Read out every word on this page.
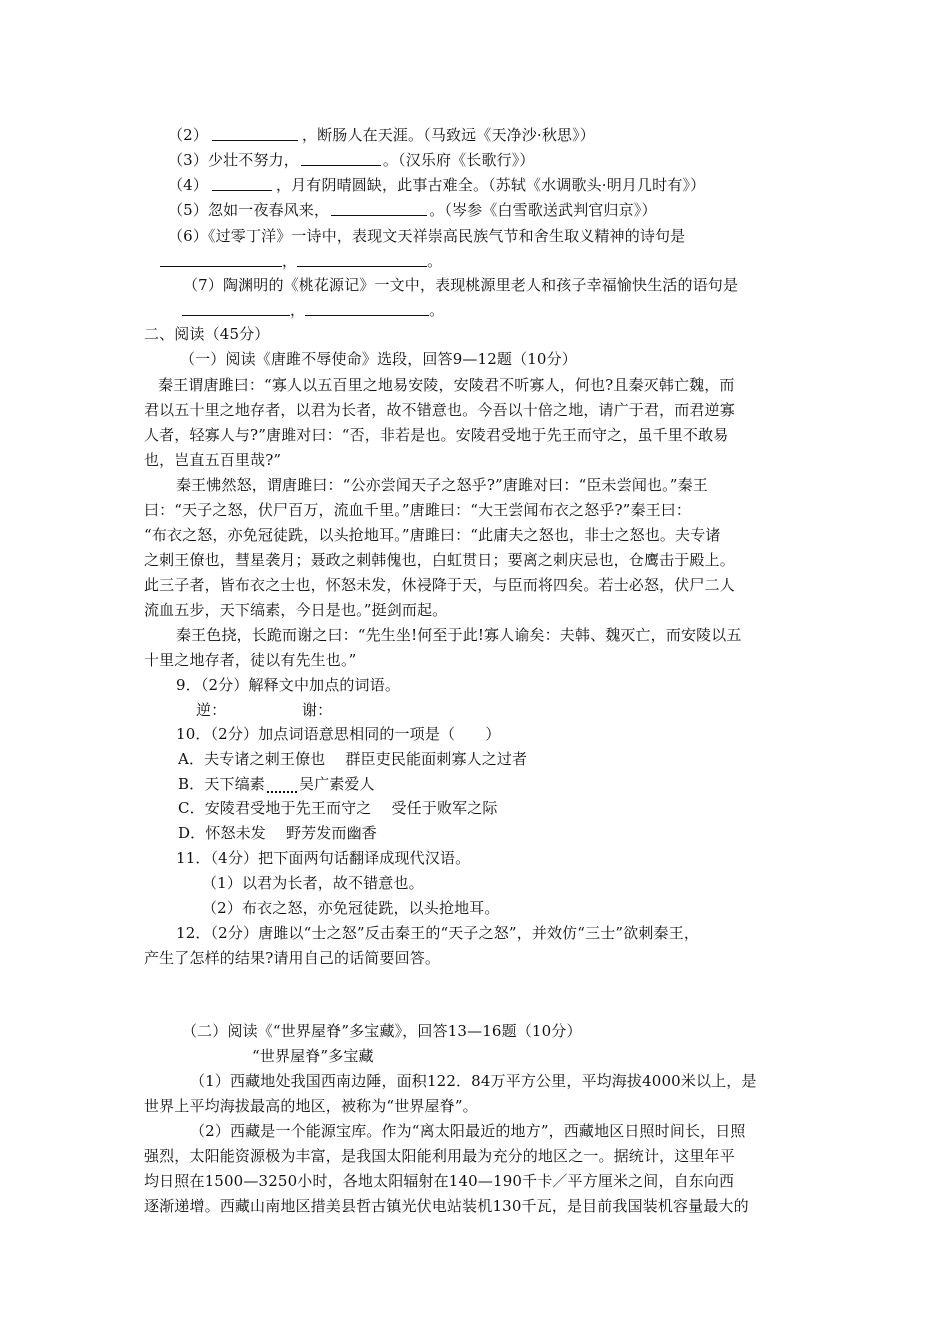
（2）	，断肠人在天涯。（马致远《天净沙·秋思》）
（3）少壮不努力，	。（汉乐府《长歌行》）
（4）	，月有阴晴圆缺，此事古难全。（苏轼《水调歌头·明月几时有》）
（5）忽如一夜春风来，	。（岑参《白雪歌送武判官归京》）
（6）《过零丁洋》一诗中，表现文天祥崇高民族气节和舍生取义精神的诗句是
，	。
（7）陶渊明的《桃花源记》一文中，表现桃源里老人和孩子幸福愉快生活的语句是
，	。
二、阅读（45分）
（一）阅读《唐雎不辱使命》选段，回答9—12题（10分）
秦王谓唐雎曰：“寡人以五百里之地易安陵，安陵君不听寡人，何也?且秦灭韩亡魏，而
君以五十里之地存者，以君为长者，故不错意也。今吾以十倍之地，请广于君，而君逆寡
人者，轻寡人与?”唐雎对曰：“否，非若是也。安陵君受地于先王而守之，虽千里不敢易
也，岂直五百里哉?”
秦王怫然怒，谓唐雎曰：“公亦尝闻天子之怒乎?”唐雎对曰：“臣未尝闻也。”秦王
曰：“天子之怒，伏尸百万，流血千里。”唐雎曰：“大王尝闻布衣之怒乎?”秦王曰：
“布衣之怒，亦免冠徒跣，以头抢地耳。”唐雎曰：“此庸夫之怒也，非士之怒也。夫专诸
之刺王僚也，彗星袭月；聂政之刺韩傀也，白虹贯日；要离之刺庆忌也，仓鹰击于殿上。
此三子者，皆布衣之士也，怀怒未发，休祲降于天，与臣而将四矣。若士必怒，伏尸二人
流血五步，天下缟素，今日是也。”挺剑而起。
秦王色挠，长跪而谢之曰：“先生坐!何至于此!寡人谕矣：夫韩、魏灭亡，而安陵以五
十里之地存者，徒以有先生也。”
9．（2分）解释文中加点的词语。
逆：	谢：
10．（2分）加点词语意思相同的一项是（　　）
A．夫专诸之刺王僚也　 群臣吏民能面刺寡人之过者
B．天下缟素 吴广素爱人
C．安陵君受地于先王而守之　 受任于败军之际
D．怀怒未发　 野芳发而幽香
11．（4分）把下面两句话翻译成现代汉语。
（1）以君为长者，故不错意也。
（2）布衣之怒，亦免冠徒跣，以头抢地耳。
12．（2分）唐雎以“士之怒”反击秦王的“天子之怒”，并效仿“三士”欲刺秦王，
产生了怎样的结果?请用自己的话简要回答。
（二）阅读《“世界屋脊”多宝藏》，回答13—16题（10分）
“世界屋脊”多宝藏
（1）西藏地处我国西南边陲，面积122．84万平方公里，平均海拔4000米以上，是
世界上平均海拔最高的地区，被称为“世界屋脊”。
（2）西藏是一个能源宝库。作为“离太阳最近的地方”，西藏地区日照时间长，日照
强烈，太阳能资源极为丰富，是我国太阳能利用最为充分的地区之一。据统计，这里年平
均日照在1500—3250小时，各地太阳辐射在140—190千卡／平方厘米之间，自东向西
逐渐递增。西藏山南地区措美县哲古镇光伏电站装机130千瓦，是目前我国装机容量最大的
